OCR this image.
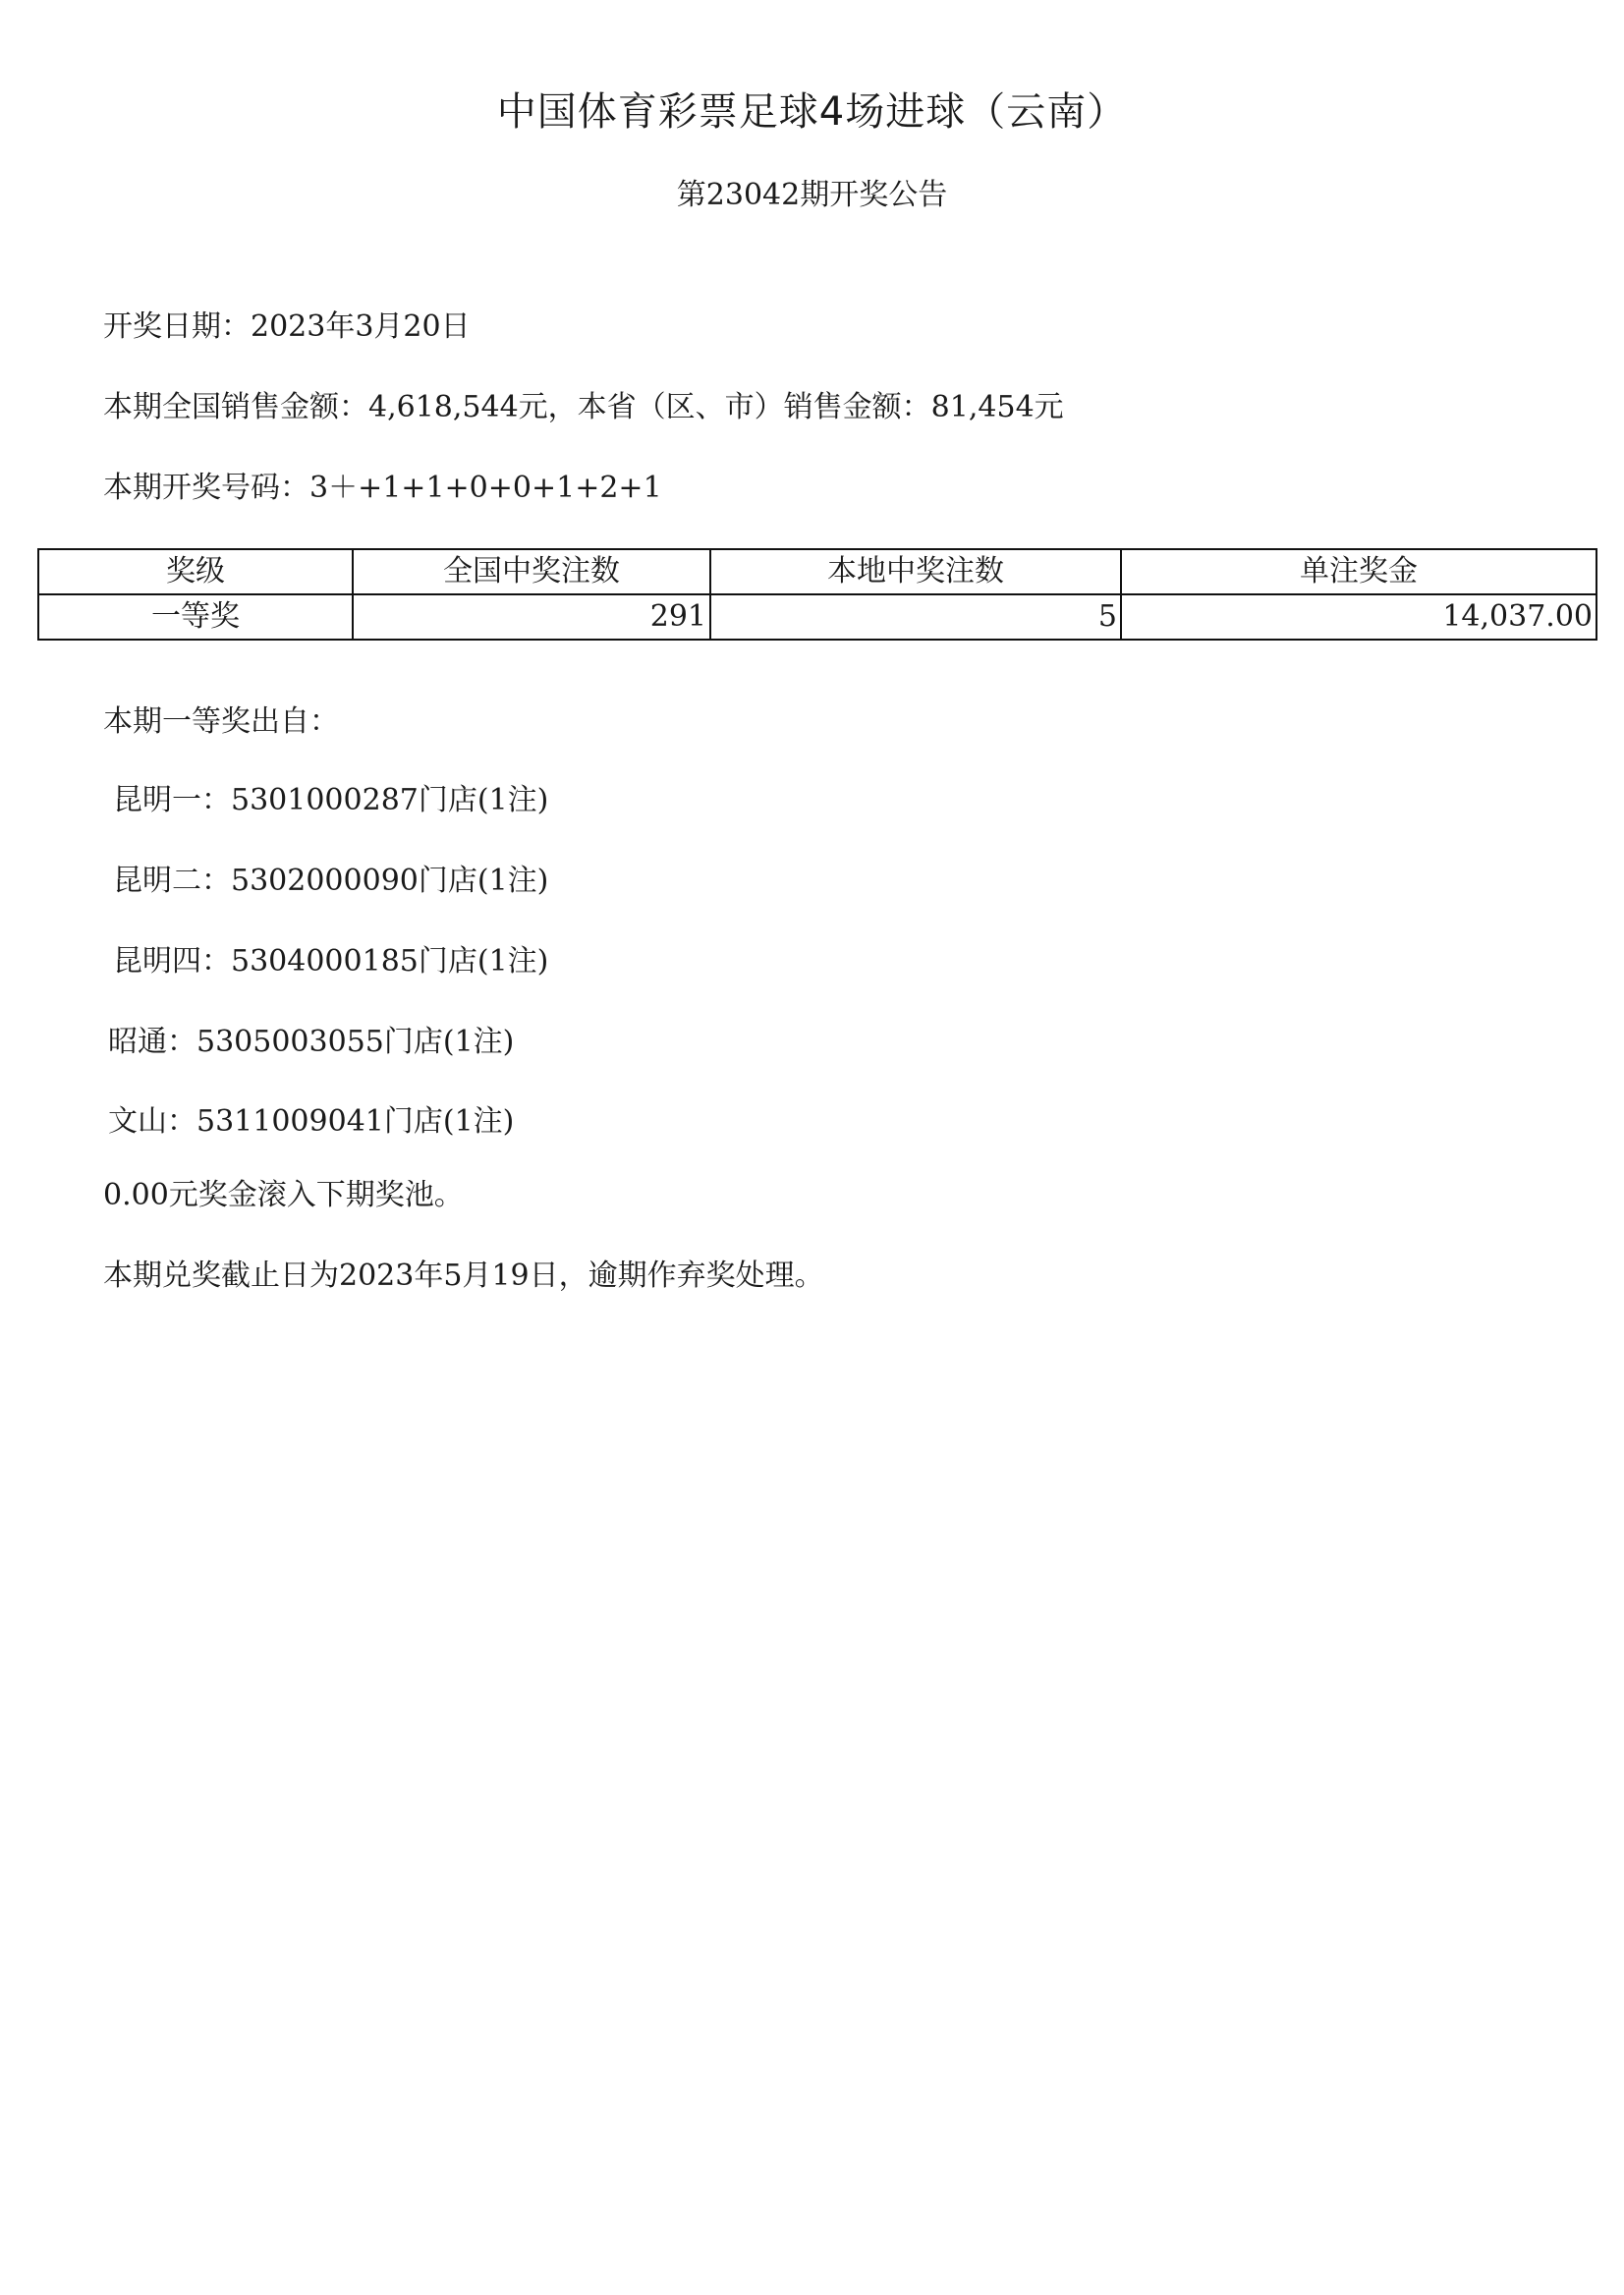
中国体育彩票足球4场进球（云南）
第23042期开奖公告
开奖日期：2023年3月20日
本期全国销售金额：4,618,544元，本省（区、市）销售金额：81,454元
本期开奖号码：3＋+1+1+0+0+1+2+1
奖级	全国中奖注数	本地中奖注数	单注奖金
一等奖	291	5	14,037.00
本期一等奖出自：
昆明一：5301000287门店(1注)
昆明二：5302000090门店(1注)
昆明四：5304000185门店(1注)
昭通：5305003055门店(1注)
文山：5311009041门店(1注)
0.00元奖金滚入下期奖池。
本期兑奖截止日为2023年5月19日，逾期作弃奖处理。
